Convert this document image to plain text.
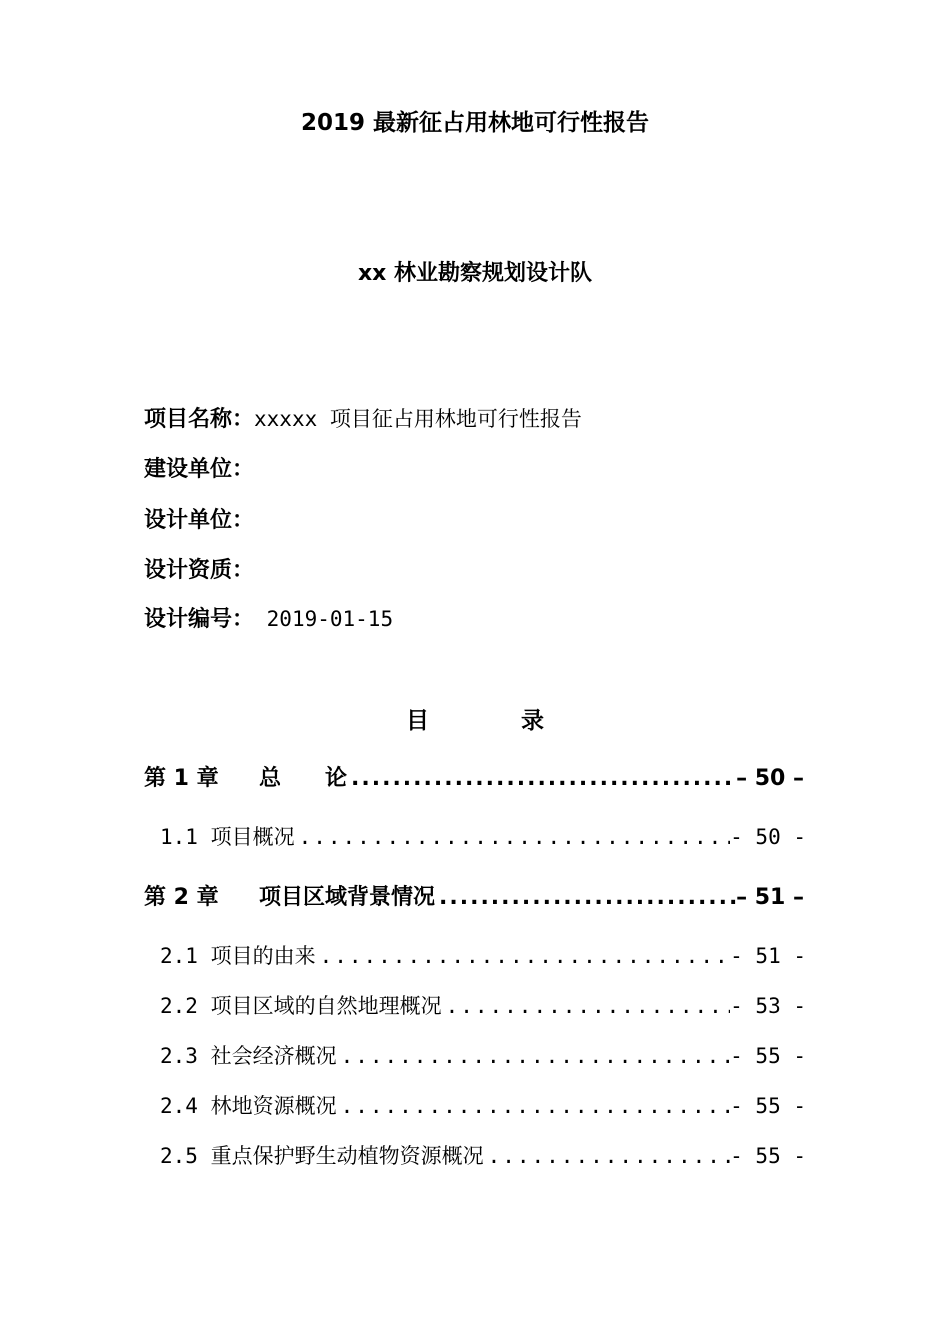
2019 最新征占用林地可行性报告
xx 林业勘察规划设计队
项目名称：xxxxx 项目征占用林地可行性报告
建设单位：
设计单位：
设计资质：
设计编号： 2019-01-15
目	录
第 1 章 总　　论 .....	– 50 –
1.1 项目概况 .....	- 50 -
第 2 章 项目区域背景情况 .....	– 51 –
2.1 项目的由来 .....	- 51 -
2.2 项目区域的自然地理概况 .....	- 53 -
2.3 社会经济概况 .....	- 55 -
2.4 林地资源概况 .....	- 55 -
2.5 重点保护野生动植物资源概况 .....	- 55 -
